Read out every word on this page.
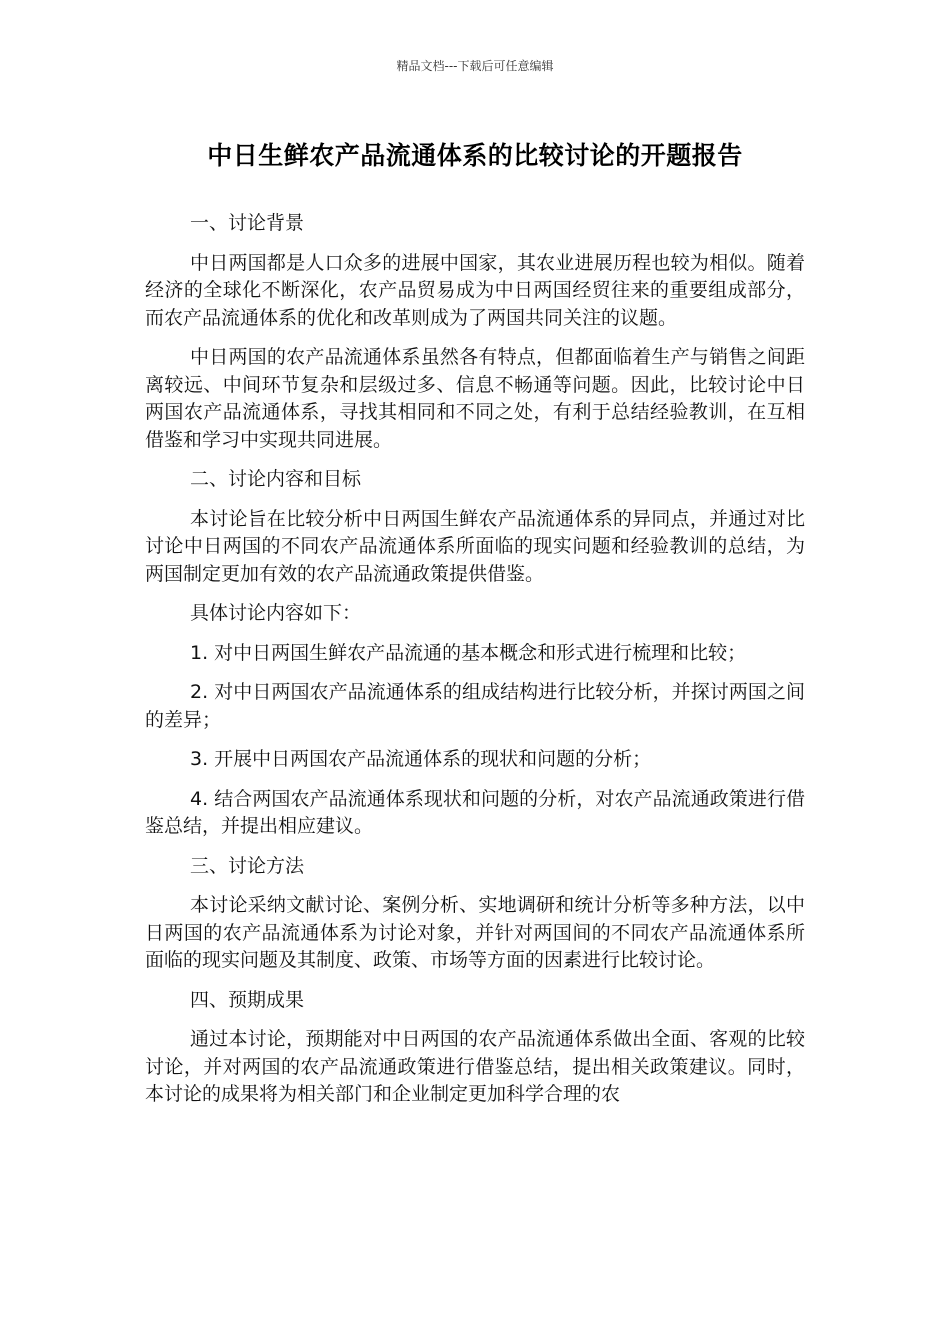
精品文档---下载后可任意编辑
中日生鲜农产品流通体系的比较讨论的开题报告

一、讨论背景

中日两国都是人口众多的进展中国家，其农业进展历程也较为相似。随着经济的全球化不断深化，农产品贸易成为中日两国经贸往来的重要组成部分，而农产品流通体系的优化和改革则成为了两国共同关注的议题。

中日两国的农产品流通体系虽然各有特点，但都面临着生产与销售之间距离较远、中间环节复杂和层级过多、信息不畅通等问题。因此，比较讨论中日两国农产品流通体系，寻找其相同和不同之处，有利于总结经验教训，在互相借鉴和学习中实现共同进展。

二、讨论内容和目标

本讨论旨在比较分析中日两国生鲜农产品流通体系的异同点，并通过对比讨论中日两国的不同农产品流通体系所面临的现实问题和经验教训的总结，为两国制定更加有效的农产品流通政策提供借鉴。

具体讨论内容如下：

1. 对中日两国生鲜农产品流通的基本概念和形式进行梳理和比较；

2. 对中日两国农产品流通体系的组成结构进行比较分析，并探讨两国之间的差异；

3. 开展中日两国农产品流通体系的现状和问题的分析；

4. 结合两国农产品流通体系现状和问题的分析，对农产品流通政策进行借鉴总结，并提出相应建议。

三、讨论方法

本讨论采纳文献讨论、案例分析、实地调研和统计分析等多种方法，以中日两国的农产品流通体系为讨论对象，并针对两国间的不同农产品流通体系所面临的现实问题及其制度、政策、市场等方面的因素进行比较讨论。

四、预期成果

通过本讨论，预期能对中日两国的农产品流通体系做出全面、客观的比较讨论，并对两国的农产品流通政策进行借鉴总结，提出相关政策建议。同时，本讨论的成果将为相关部门和企业制定更加科学合理的农
